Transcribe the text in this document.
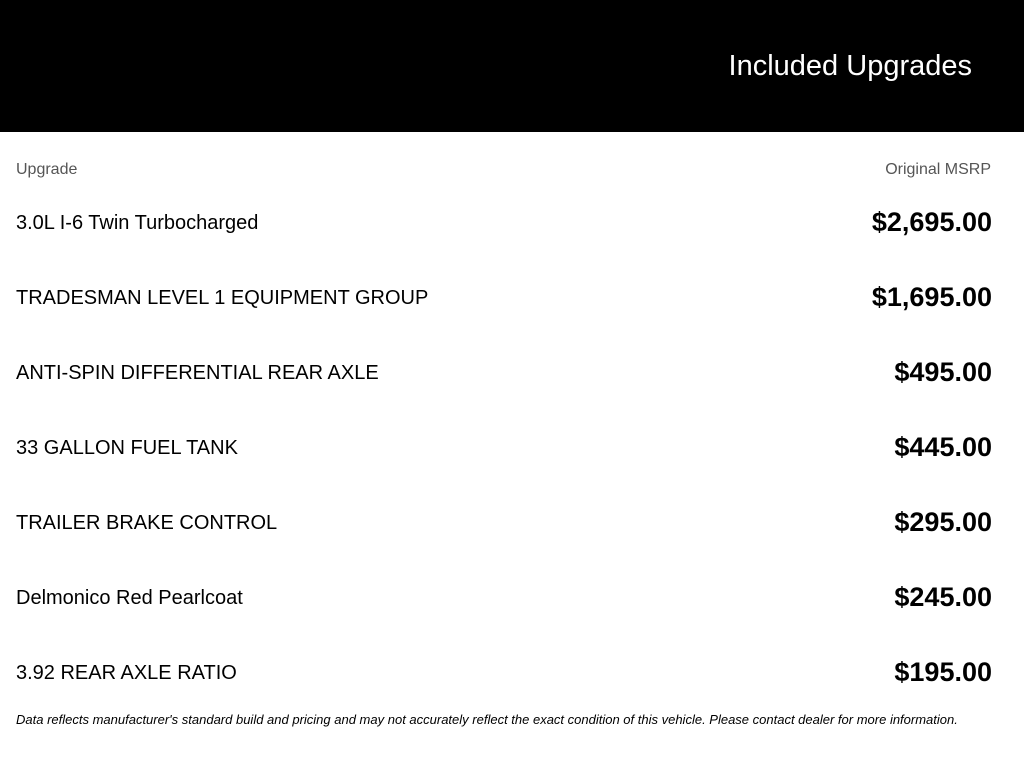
Included Upgrades
Upgrade	Original MSRP
3.0L I-6 Twin Turbocharged	$2,695.00
TRADESMAN LEVEL 1 EQUIPMENT GROUP	$1,695.00
ANTI-SPIN DIFFERENTIAL REAR AXLE	$495.00
33 GALLON FUEL TANK	$445.00
TRAILER BRAKE CONTROL	$295.00
Delmonico Red Pearlcoat	$245.00
3.92 REAR AXLE RATIO	$195.00
Data reflects manufacturer's standard build and pricing and may not accurately reflect the exact condition of this vehicle. Please contact dealer for more information.
